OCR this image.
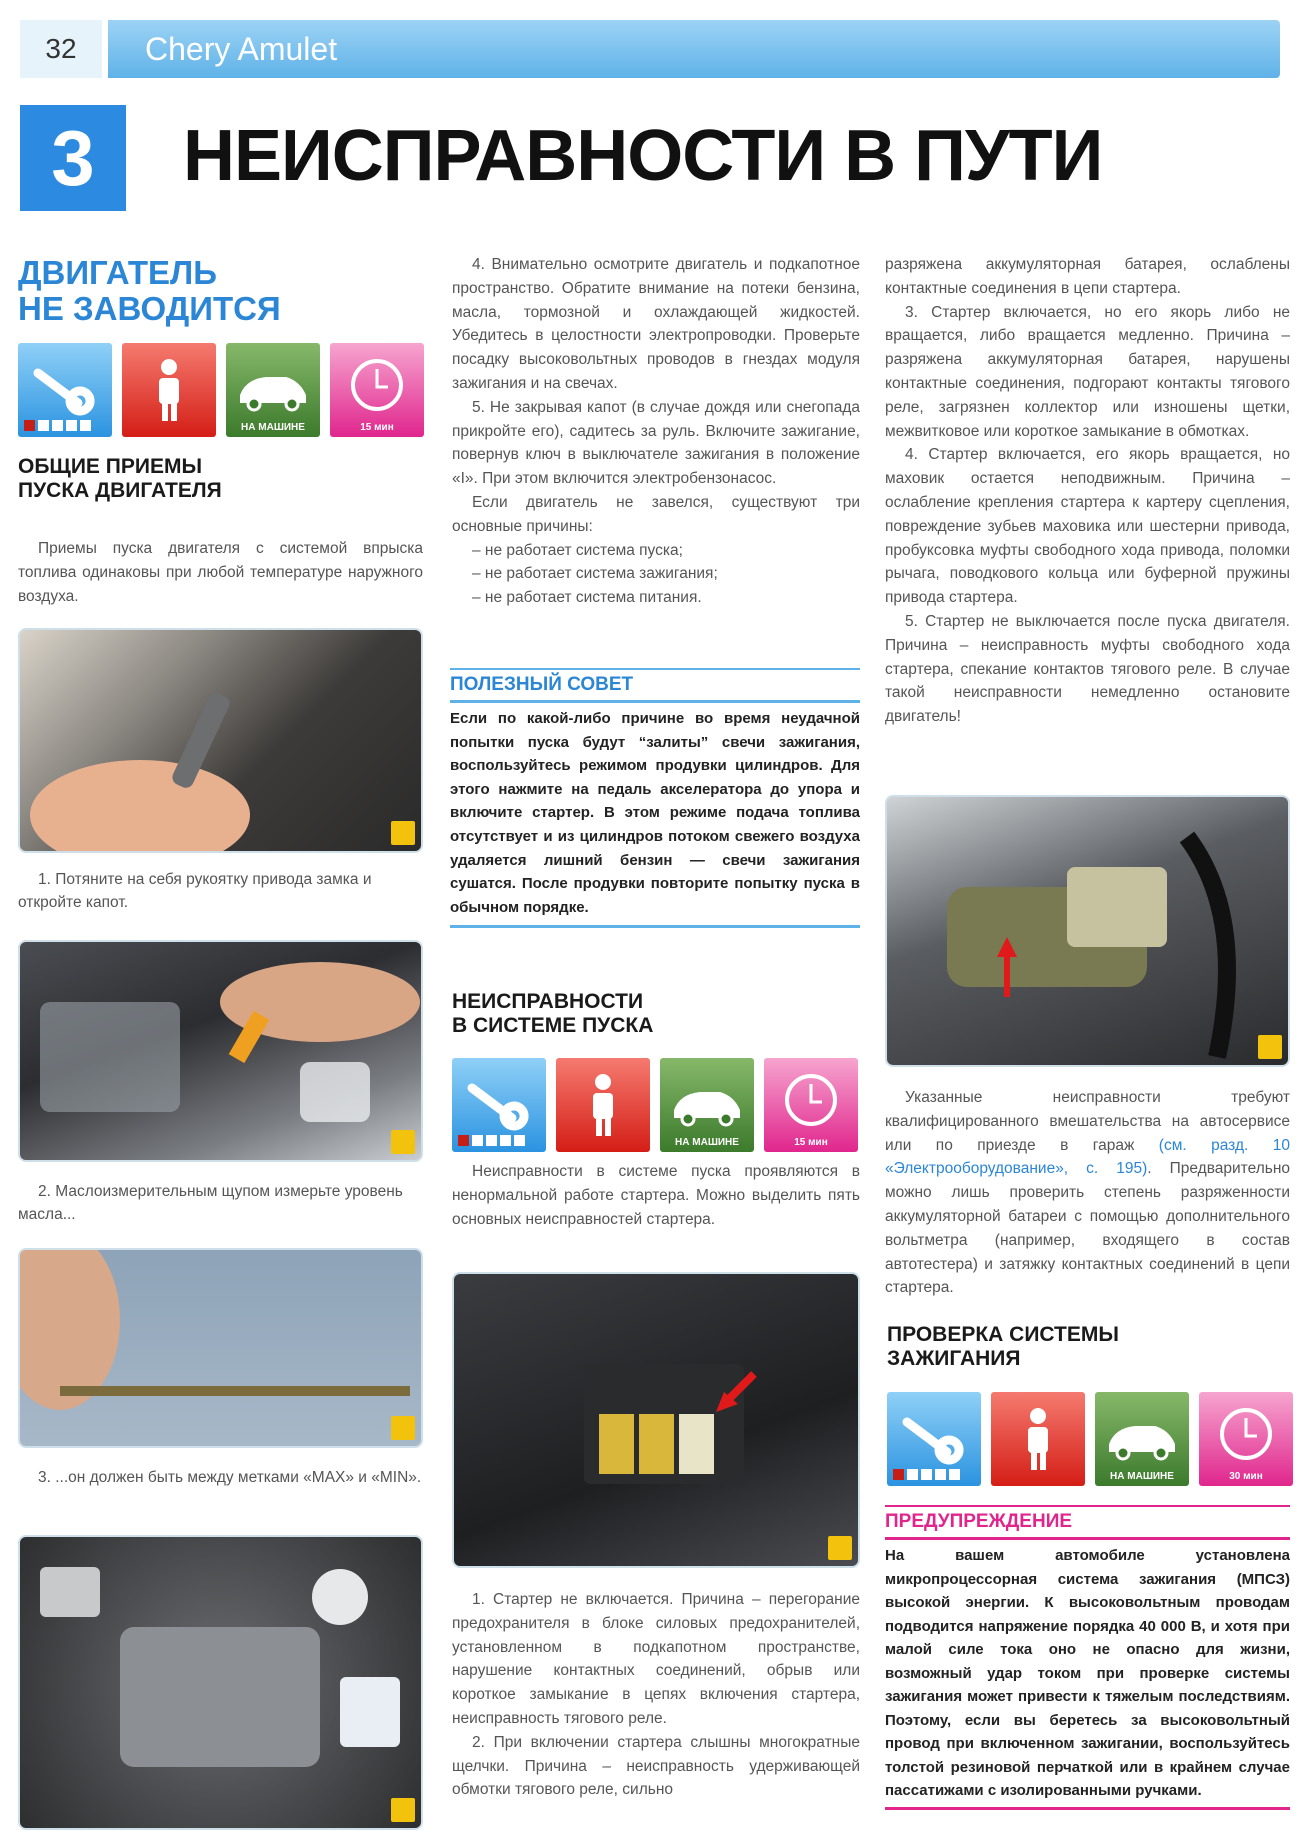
32	Chery Amulet
3	НЕИСПРАВНОСТИ В ПУТИ
ДВИГАТЕЛЬ
НЕ ЗАВОДИТСЯ
НА МАШИНЕ	15 мин
ОБЩИЕ ПРИЕМЫ
ПУСКА ДВИГАТЕЛЯ

Приемы пуска двигателя с системой впрыска топлива одинаковы при любой температуре наружного воздуха.

1. Потяните на себя рукоятку привода замка и откройте капот.

2. Маслоизмерительным щупом измерьте уровень масла...

3. ...он должен быть между метками «MAX» и «MIN».

4. Внимательно осмотрите двигатель и подкапотное пространство. Обратите внимание на потеки бензина, масла, тормозной и охлаждающей жидкостей. Убедитесь в целостности электропроводки. Проверьте посадку высоковольтных проводов в гнездах модуля зажигания и на свечах.

5. Не закрывая капот (в случае дождя или снегопада прикройте его), садитесь за руль. Включите зажигание, повернув ключ в выключателе зажигания в положение «I». При этом включится электробензонасос.

Если двигатель не завелся, существуют три основные причины:

– не работает система пуска;
– не работает система зажигания;
– не работает система питания.
ПОЛЕЗНЫЙ СОВЕТ

Если по какой-либо причине во время неудачной попытки пуска будут “залиты” свечи зажигания, воспользуйтесь режимом продувки цилиндров. Для этого нажмите на педаль акселератора до упора и включите стартер. В этом режиме подача топлива отсутствует и из цилиндров потоком свежего воздуха удаляется лишний бензин — свечи зажигания сушатся. После продувки повторите попытку пуска в обычном порядке.

НЕИСПРАВНОСТИ
В СИСТЕМЕ ПУСКА
НА МАШИНЕ	15 мин

Неисправности в системе пуска проявляются в ненормальной работе стартера. Можно выделить пять основных неисправностей стартера.

1. Стартер не включается. Причина – перегорание предохранителя в блоке силовых предохранителей, установленном в подкапотном пространстве, нарушение контактных соединений, обрыв или короткое замыкание в цепях включения стартера, неисправность тягового реле.

2. При включении стартера слышны многократные щелчки. Причина – неисправность удерживающей обмотки тягового реле, сильно

разряжена аккумуляторная батарея, ослаблены контактные соединения в цепи стартера.

3. Стартер включается, но его якорь либо не вращается, либо вращается медленно. Причина – разряжена аккумуляторная батарея, нарушены контактные соединения, подгорают контакты тягового реле, загрязнен коллектор или изношены щетки, межвитковое или короткое замыкание в обмотках.

4. Стартер включается, его якорь вращается, но маховик остается неподвижным. Причина – ослабление крепления стартера к картеру сцепления, повреждение зубьев маховика или шестерни привода, пробуксовка муфты свободного хода привода, поломки рычага, поводкового кольца или буферной пружины привода стартера.

5. Стартер не выключается после пуска двигателя. Причина – неисправность муфты свободного хода стартера, спекание контактов тягового реле. В случае такой неисправности немедленно остановите двигатель!

Указанные неисправности требуют квалифицированного вмешательства на автосервисе или по приезде в гараж (см. разд. 10 «Электрооборудование», с. 195). Предварительно можно лишь проверить степень разряженности аккумуляторной батареи с помощью дополнительного вольтметра (например, входящего в состав автотестера) и затяжку контактных соединений в цепи стартера.

ПРОВЕРКА СИСТЕМЫ
ЗАЖИГАНИЯ
НА МАШИНЕ	30 мин
ПРЕДУПРЕЖДЕНИЕ

На вашем автомобиле установлена микропроцессорная система зажигания (МПСЗ) высокой энергии. К высоковольтным проводам подводится напряжение порядка 40 000 В, и хотя при малой силе тока оно не опасно для жизни, возможный удар током при проверке системы зажигания может привести к тяжелым последствиям. Поэтому, если вы беретесь за высоковольтный провод при включенном зажигании, воспользуйтесь толстой резиновой перчаткой или в крайнем случае пассатижами с изолированными ручками.
